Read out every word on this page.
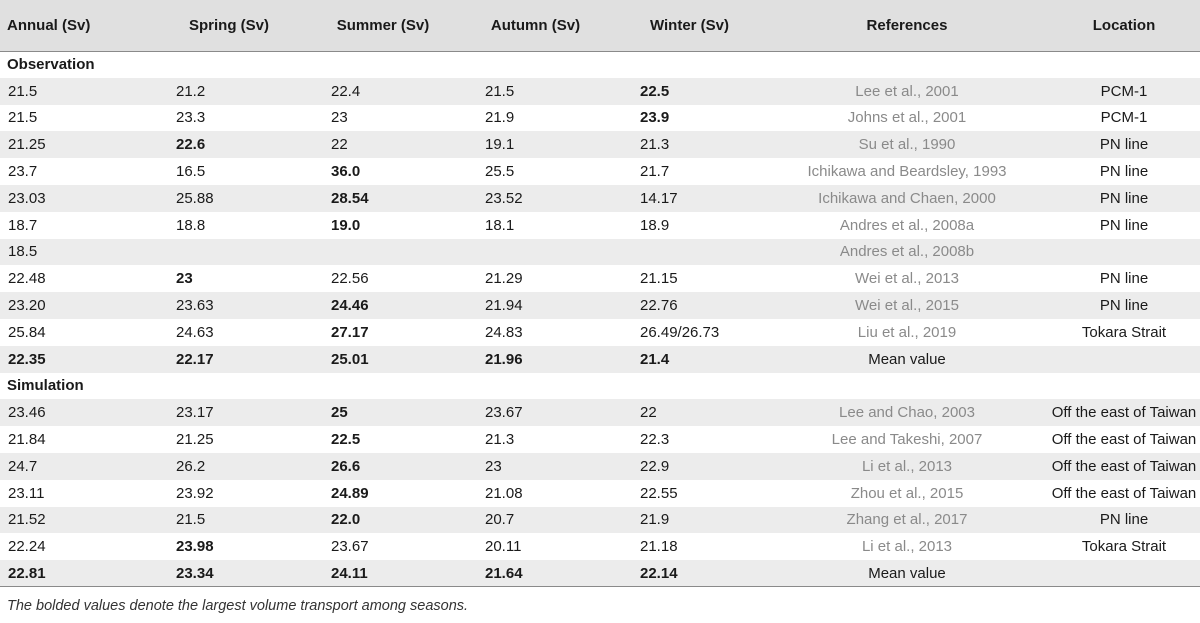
Annual (Sv)	Spring (Sv)	Summer (Sv)	Autumn (Sv)	Winter (Sv)	References	Location
Observation						
21.5	21.2	22.4	21.5	22.5	Lee et al., 2001	PCM-1
21.5	23.3	23	21.9	23.9	Johns et al., 2001	PCM-1
21.25	22.6	22	19.1	21.3	Su et al., 1990	PN line
23.7	16.5	36.0	25.5	21.7	Ichikawa and Beardsley, 1993	PN line
23.03	25.88	28.54	23.52	14.17	Ichikawa and Chaen, 2000	PN line
18.7	18.8	19.0	18.1	18.9	Andres et al., 2008a	PN line
18.5					Andres et al., 2008b	
22.48	23	22.56	21.29	21.15	Wei et al., 2013	PN line
23.20	23.63	24.46	21.94	22.76	Wei et al., 2015	PN line
25.84	24.63	27.17	24.83	26.49/26.73	Liu et al., 2019	Tokara Strait
22.35	22.17	25.01	21.96	21.4	Mean value	
Simulation						
23.46	23.17	25	23.67	22	Lee and Chao, 2003	Off the east of Taiwan
21.84	21.25	22.5	21.3	22.3	Lee and Takeshi, 2007	Off the east of Taiwan
24.7	26.2	26.6	23	22.9	Li et al., 2013	Off the east of Taiwan
23.11	23.92	24.89	21.08	22.55	Zhou et al., 2015	Off the east of Taiwan
21.52	21.5	22.0	20.7	21.9	Zhang et al., 2017	PN line
22.24	23.98	23.67	20.11	21.18	Li et al., 2013	Tokara Strait
22.81	23.34	24.11	21.64	22.14	Mean value	
The bolded values denote the largest volume transport among seasons.
